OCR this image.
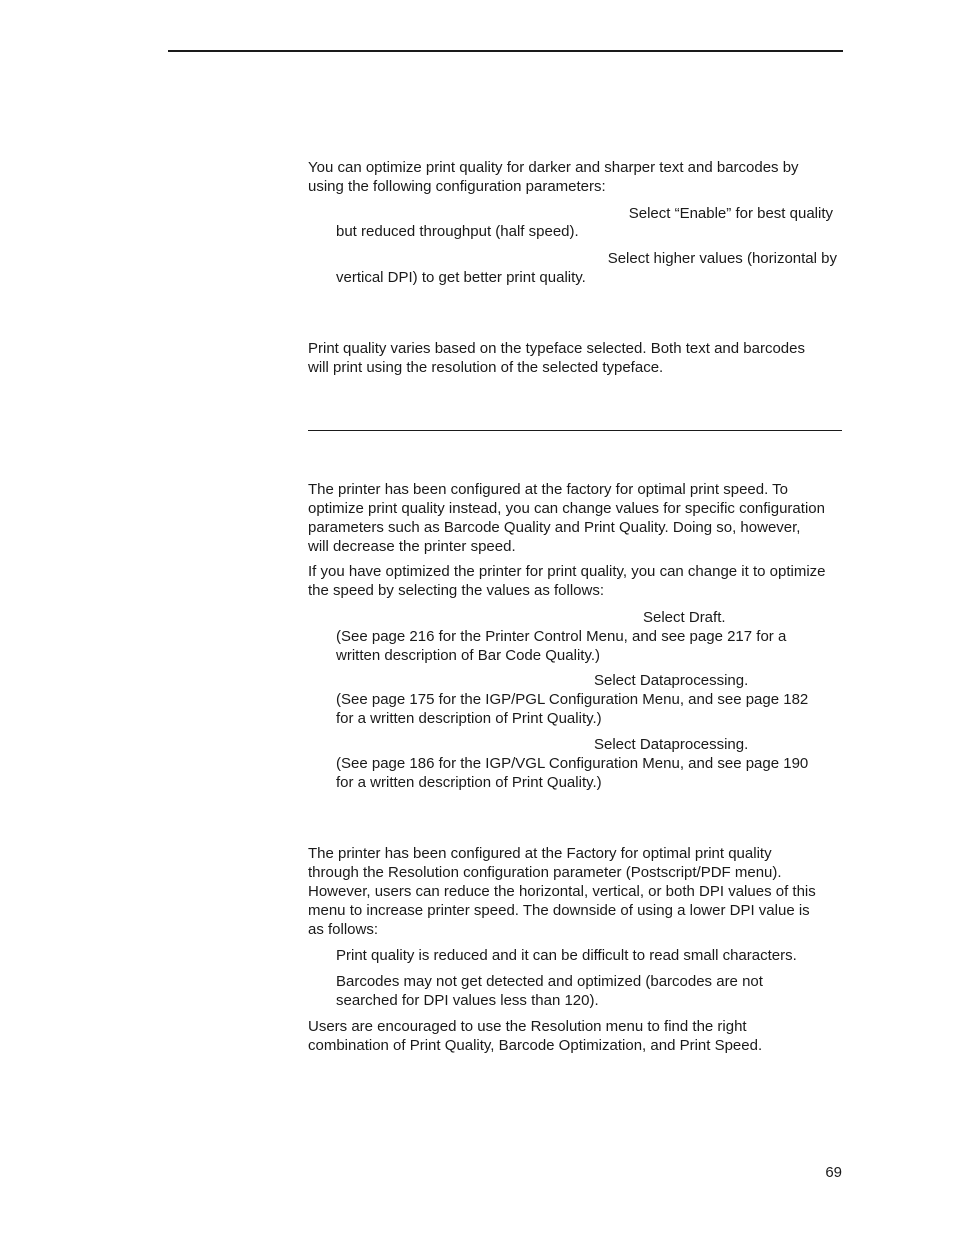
You can optimize print quality for darker and sharper text and barcodes by
using the following configuration parameters:
Select “Enable” for best quality
but reduced throughput (half speed).
Select higher values (horizontal by
vertical DPI) to get better print quality.
Print quality varies based on the typeface selected. Both text and barcodes
will print using the resolution of the selected typeface.
The printer has been configured at the factory for optimal print speed. To
optimize print quality instead, you can change values for specific configuration
parameters such as Barcode Quality and Print Quality. Doing so, however,
will decrease the printer speed.
If you have optimized the printer for print quality, you can change it to optimize
the speed by selecting the values as follows:
Select Draft.
(See page 216 for the Printer Control Menu, and see page 217 for a
written description of Bar Code Quality.)
Select Dataprocessing.
(See page 175 for the IGP/PGL Configuration Menu, and see page 182
for a written description of Print Quality.)
Select Dataprocessing.
(See page 186 for the IGP/VGL Configuration Menu, and see page 190
for a written description of Print Quality.)
The printer has been configured at the Factory for optimal print quality
through the Resolution configuration parameter (Postscript/PDF menu).
However, users can reduce the horizontal, vertical, or both DPI values of this
menu to increase printer speed. The downside of using a lower DPI value is
as follows:
Print quality is reduced and it can be difficult to read small characters.
Barcodes may not get detected and optimized (barcodes are not
searched for DPI values less than 120).
Users are encouraged to use the Resolution menu to find the right
combination of Print Quality, Barcode Optimization, and Print Speed.
69
